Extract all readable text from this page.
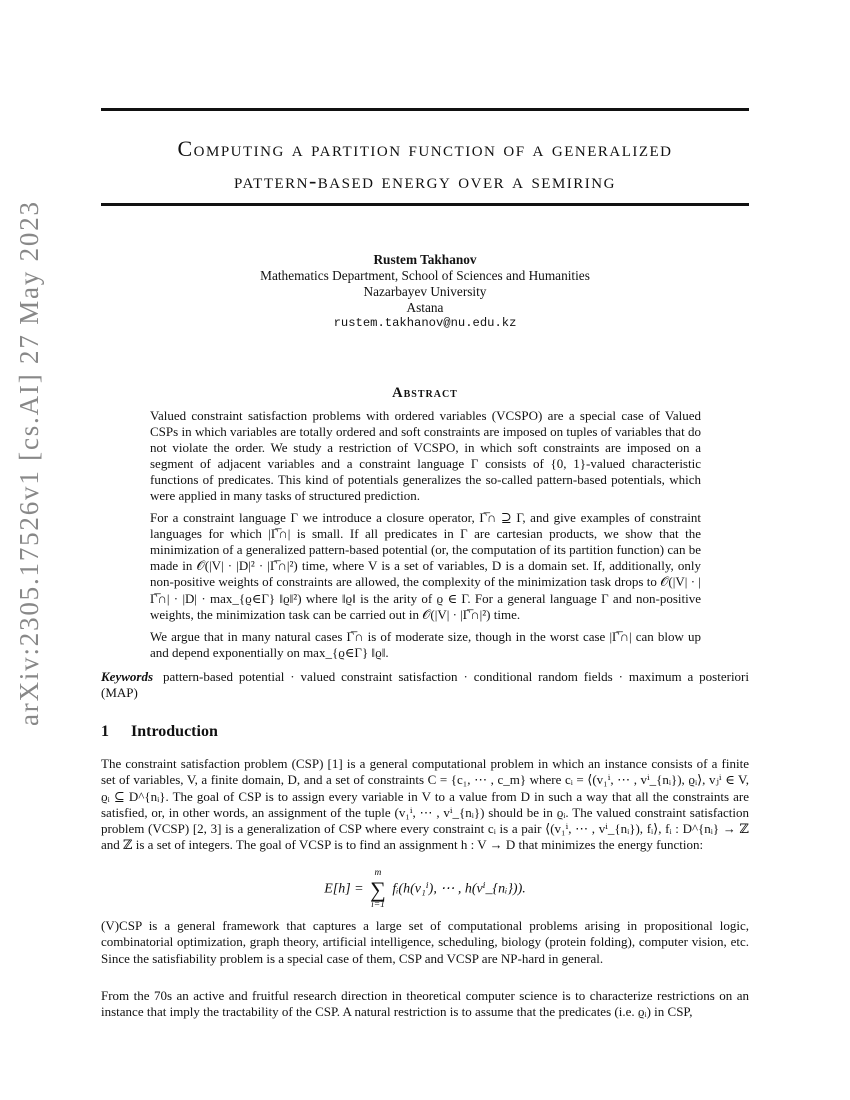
arXiv:2305.17526v1 [cs.AI] 27 May 2023

Computing a partition function of a generalized

pattern-based energy over a semiring

Rustem Takhanov
Mathematics Department, School of Sciences and Humanities
Nazarbayev University
Astana
rustem.takhanov@nu.edu.kz
Abstract

Valued constraint satisfaction problems with ordered variables (VCSPO) are a special case of Valued CSPs in which variables are totally ordered and soft constraints are imposed on tuples of variables that do not violate the order. We study a restriction of VCSPO, in which soft constraints are imposed on a segment of adjacent variables and a constraint language Γ consists of {0, 1}-valued characteristic functions of predicates. This kind of potentials generalizes the so-called pattern-based potentials, which were applied in many tasks of structured prediction.

For a constraint language Γ we introduce a closure operator, Γ̅∩ ⊇ Γ, and give examples of constraint languages for which |Γ̅∩| is small. If all predicates in Γ are cartesian products, we show that the minimization of a generalized pattern-based potential (or, the computation of its partition function) can be made in 𝒪(|V| · |D|² · |Γ̅∩|²) time, where V is a set of variables, D is a domain set. If, additionally, only non-positive weights of constraints are allowed, the complexity of the minimization task drops to 𝒪(|V| · |Γ̅∩| · |D| · max_{ϱ∈Γ} ‖ϱ‖²) where ‖ϱ‖ is the arity of ϱ ∈ Γ. For a general language Γ and non-positive weights, the minimization task can be carried out in 𝒪(|V| · |Γ̅∩|²) time.

We argue that in many natural cases Γ̅∩ is of moderate size, though in the worst case |Γ̅∩| can blow up and depend exponentially on max_{ϱ∈Γ} ‖ϱ‖.

Keywords pattern-based potential · valued constraint satisfaction · conditional random fields · maximum a posteriori (MAP)
1 Introduction

The constraint satisfaction problem (CSP) [1] is a general computational problem in which an instance consists of a finite set of variables, V, a finite domain, D, and a set of constraints C = {c₁, ⋯ , c_m} where cᵢ = ⟨(v₁ⁱ, ⋯ , vⁱ_{nᵢ}), ϱᵢ⟩, vⱼⁱ ∈ V, ϱᵢ ⊆ D^{nᵢ}. The goal of CSP is to assign every variable in V to a value from D in such a way that all the constraints are satisfied, or, in other words, an assignment of the tuple (v₁ⁱ, ⋯ , vⁱ_{nᵢ}) should be in ϱᵢ. The valued constraint satisfaction problem (VCSP) [2, 3] is a generalization of CSP where every constraint cᵢ is a pair ⟨(v₁ⁱ, ⋯ , vⁱ_{nᵢ}), fᵢ⟩, fᵢ : D^{nᵢ} → ℤ and ℤ is a set of integers. The goal of VCSP is to find an assignment h : V → D that minimizes the energy function:

E[h] =
m
∑
i=1
fᵢ(h(v₁ⁱ), ⋯ , h(vⁱ_{nᵢ})).

(V)CSP is a general framework that captures a large set of computational problems arising in propositional logic, combinatorial optimization, graph theory, artificial intelligence, scheduling, biology (protein folding), computer vision, etc. Since the satisfiability problem is a special case of them, CSP and VCSP are NP-hard in general.

From the 70s an active and fruitful research direction in theoretical computer science is to characterize restrictions on an instance that imply the tractability of the CSP. A natural restriction is to assume that the predicates (i.e. ϱᵢ) in CSP,
